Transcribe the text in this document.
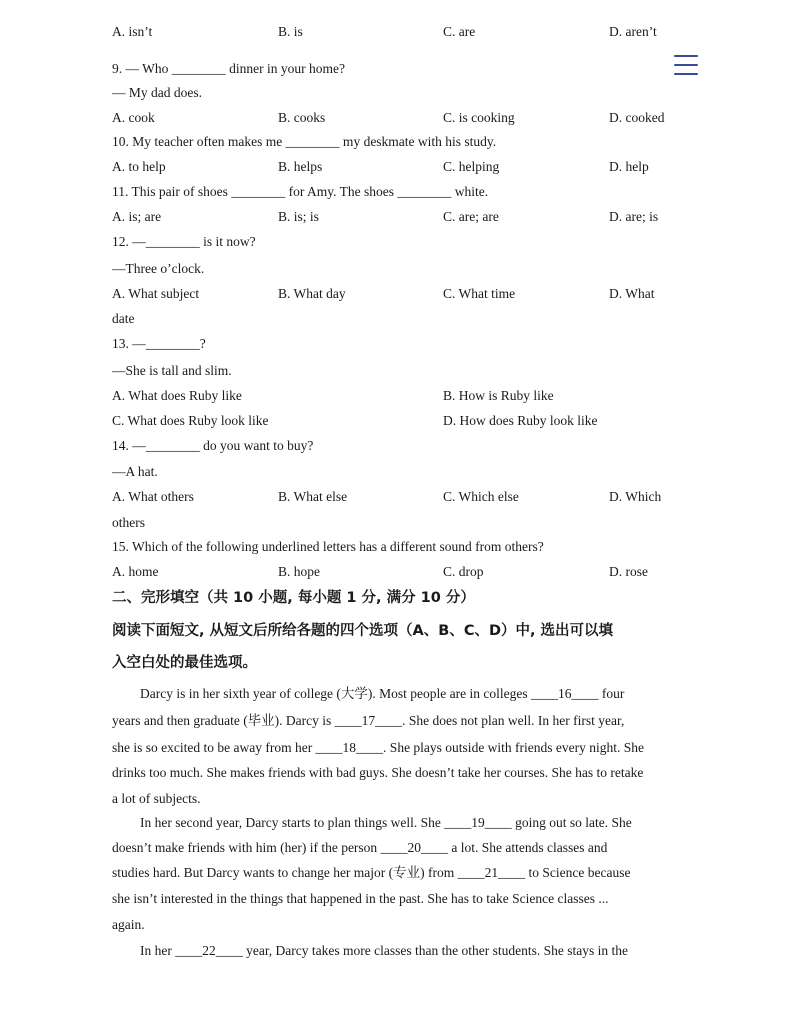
A. isn’t	B. is	C. are	D. aren’t
9. — Who ________ dinner in your home?
— My dad does.
A. cook	B. cooks	C. is cooking	D. cooked
10. My teacher often makes me ________ my deskmate with his study.
A. to help	B. helps	C. helping	D. help
11. This pair of shoes ________ for Amy. The shoes ________ white.
A. is; are	B. is; is	C. are; are	D. are; is
12. —________ is it now?
—Three o’clock.
A. What subject	B. What day	C. What time	D. What
date
13. —________?
—She is tall and slim.
A. What does Ruby like	B. How is Ruby like
C. What does Ruby look like	D. How does Ruby look like
14. —________ do you want to buy?
—A hat.
A. What others	B. What else	C. Which else	D. Which
others
15. Which of the following underlined letters has a different sound from others?
A. home	B. hope	C. drop	D. rose
二、完形填空（共 10 小题, 每小题 1 分, 满分 10 分）
阅读下面短文, 从短文后所给各题的四个选项（A、B、C、D）中, 选出可以填
入空白处的最佳选项。
Darcy is in her sixth year of college (大学). Most people are in colleges ____16____ four
years and then graduate (毕业). Darcy is ____17____. She does not plan well. In her first year,
she is so excited to be away from her ____18____. She plays outside with friends every night. She
drinks too much. She makes friends with bad guys. She doesn’t take her courses. She has to retake
a lot of subjects.
In her second year, Darcy starts to plan things well. She ____19____ going out so late. She
doesn’t make friends with him (her) if the person ____20____ a lot. She attends classes and
studies hard. But Darcy wants to change her major (专业) from ____21____ to Science because
she isn’t interested in the things that happened in the past. She has to take Science classes ...
again.
In her ____22____ year, Darcy takes more classes than the other students. She stays in the
